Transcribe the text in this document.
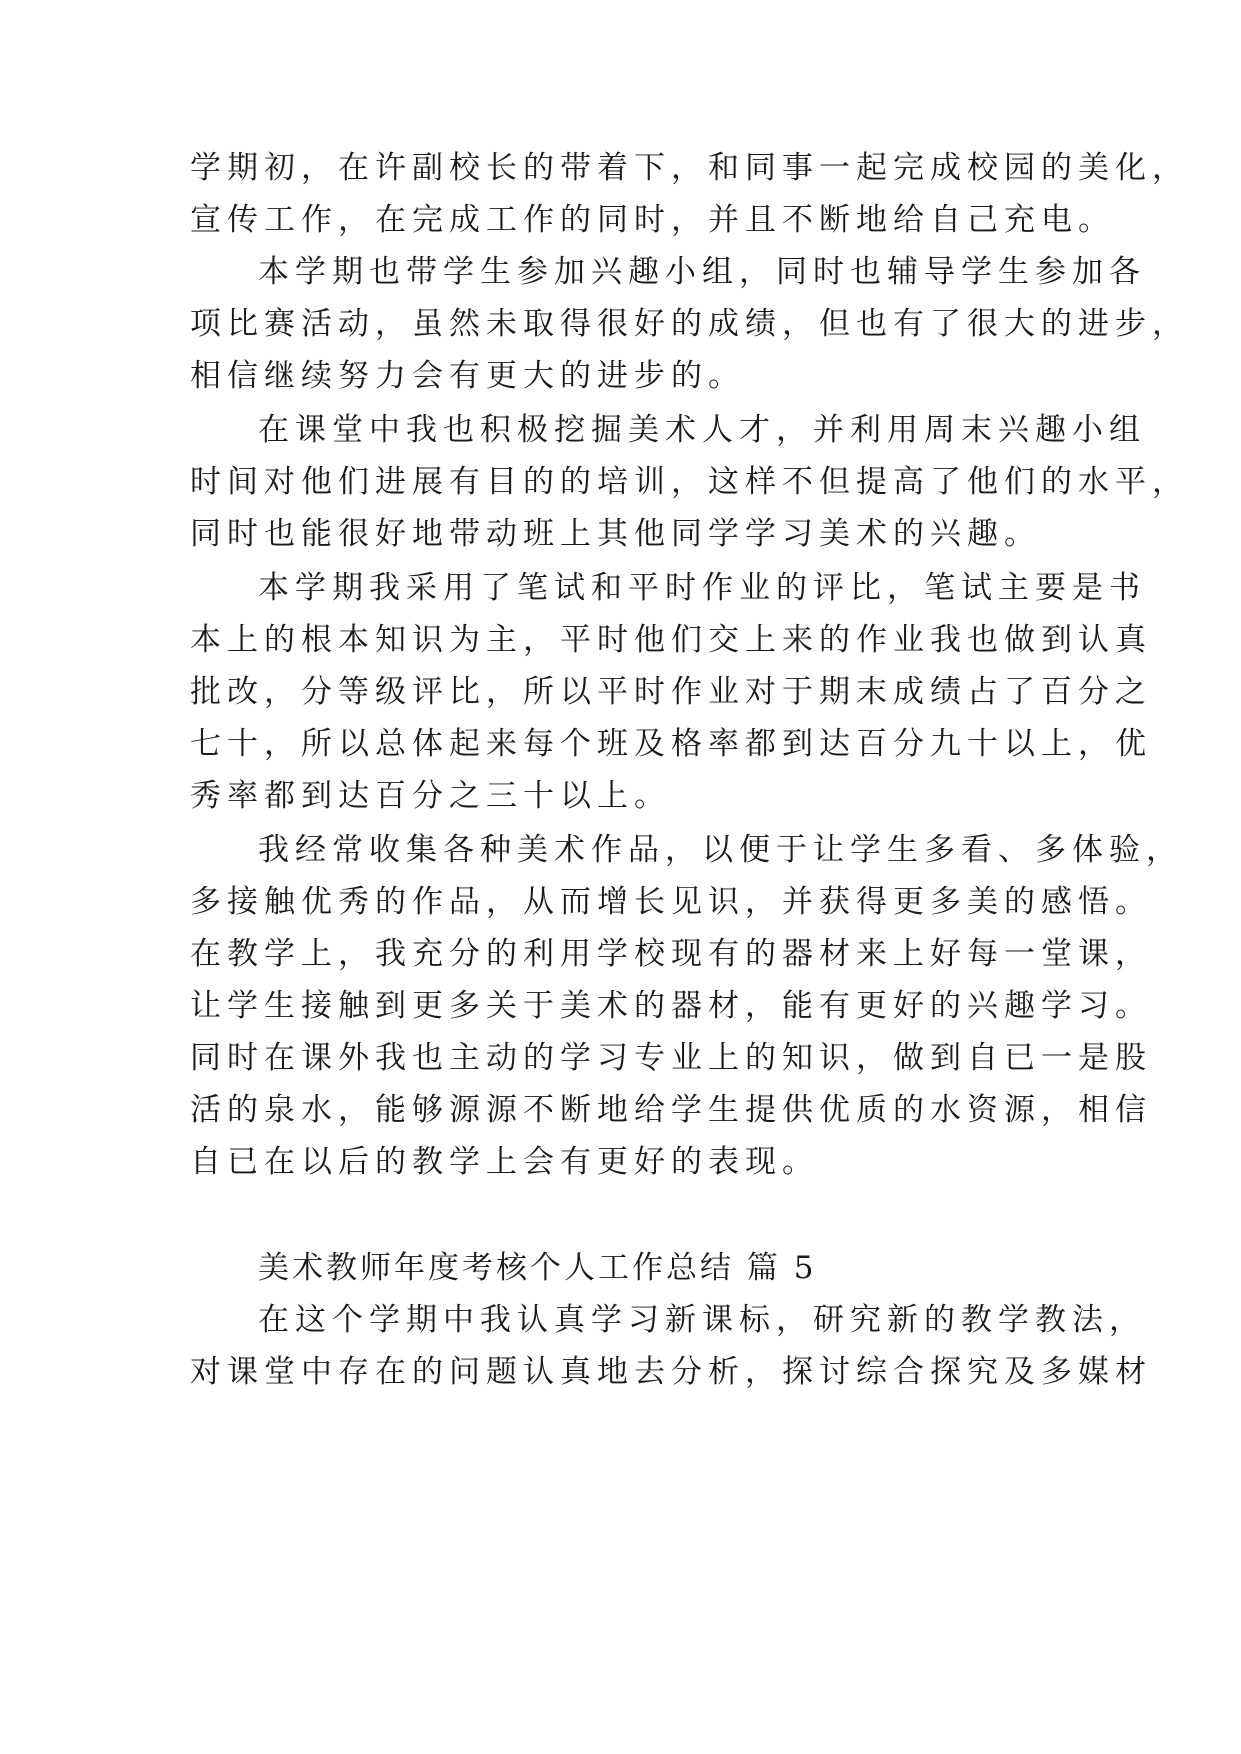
学期初，在许副校长的带着下，和同事一起完成校园的美化，
宣传工作，在完成工作的同时，并且不断地给自己充电。
本学期也带学生参加兴趣小组，同时也辅导学生参加各
项比赛活动，虽然未取得很好的成绩，但也有了很大的进步，
相信继续努力会有更大的进步的。
在课堂中我也积极挖掘美术人才，并利用周末兴趣小组
时间对他们进展有目的的培训，这样不但提高了他们的水平，
同时也能很好地带动班上其他同学学习美术的兴趣。
本学期我采用了笔试和平时作业的评比，笔试主要是书
本上的根本知识为主，平时他们交上来的作业我也做到认真
批改，分等级评比，所以平时作业对于期末成绩占了百分之
七十，所以总体起来每个班及格率都到达百分九十以上，优
秀率都到达百分之三十以上。
我经常收集各种美术作品，以便于让学生多看、多体验，
多接触优秀的作品，从而增长见识，并获得更多美的感悟。
在教学上，我充分的利用学校现有的器材来上好每一堂课，
让学生接触到更多关于美术的器材，能有更好的兴趣学习。
同时在课外我也主动的学习专业上的知识，做到自已一是股
活的泉水，能够源源不断地给学生提供优质的水资源，相信
自已在以后的教学上会有更好的表现。
美术教师年度考核个人工作总结 篇 5
在这个学期中我认真学习新课标，研究新的教学教法，
对课堂中存在的问题认真地去分析，探讨综合探究及多媒材
